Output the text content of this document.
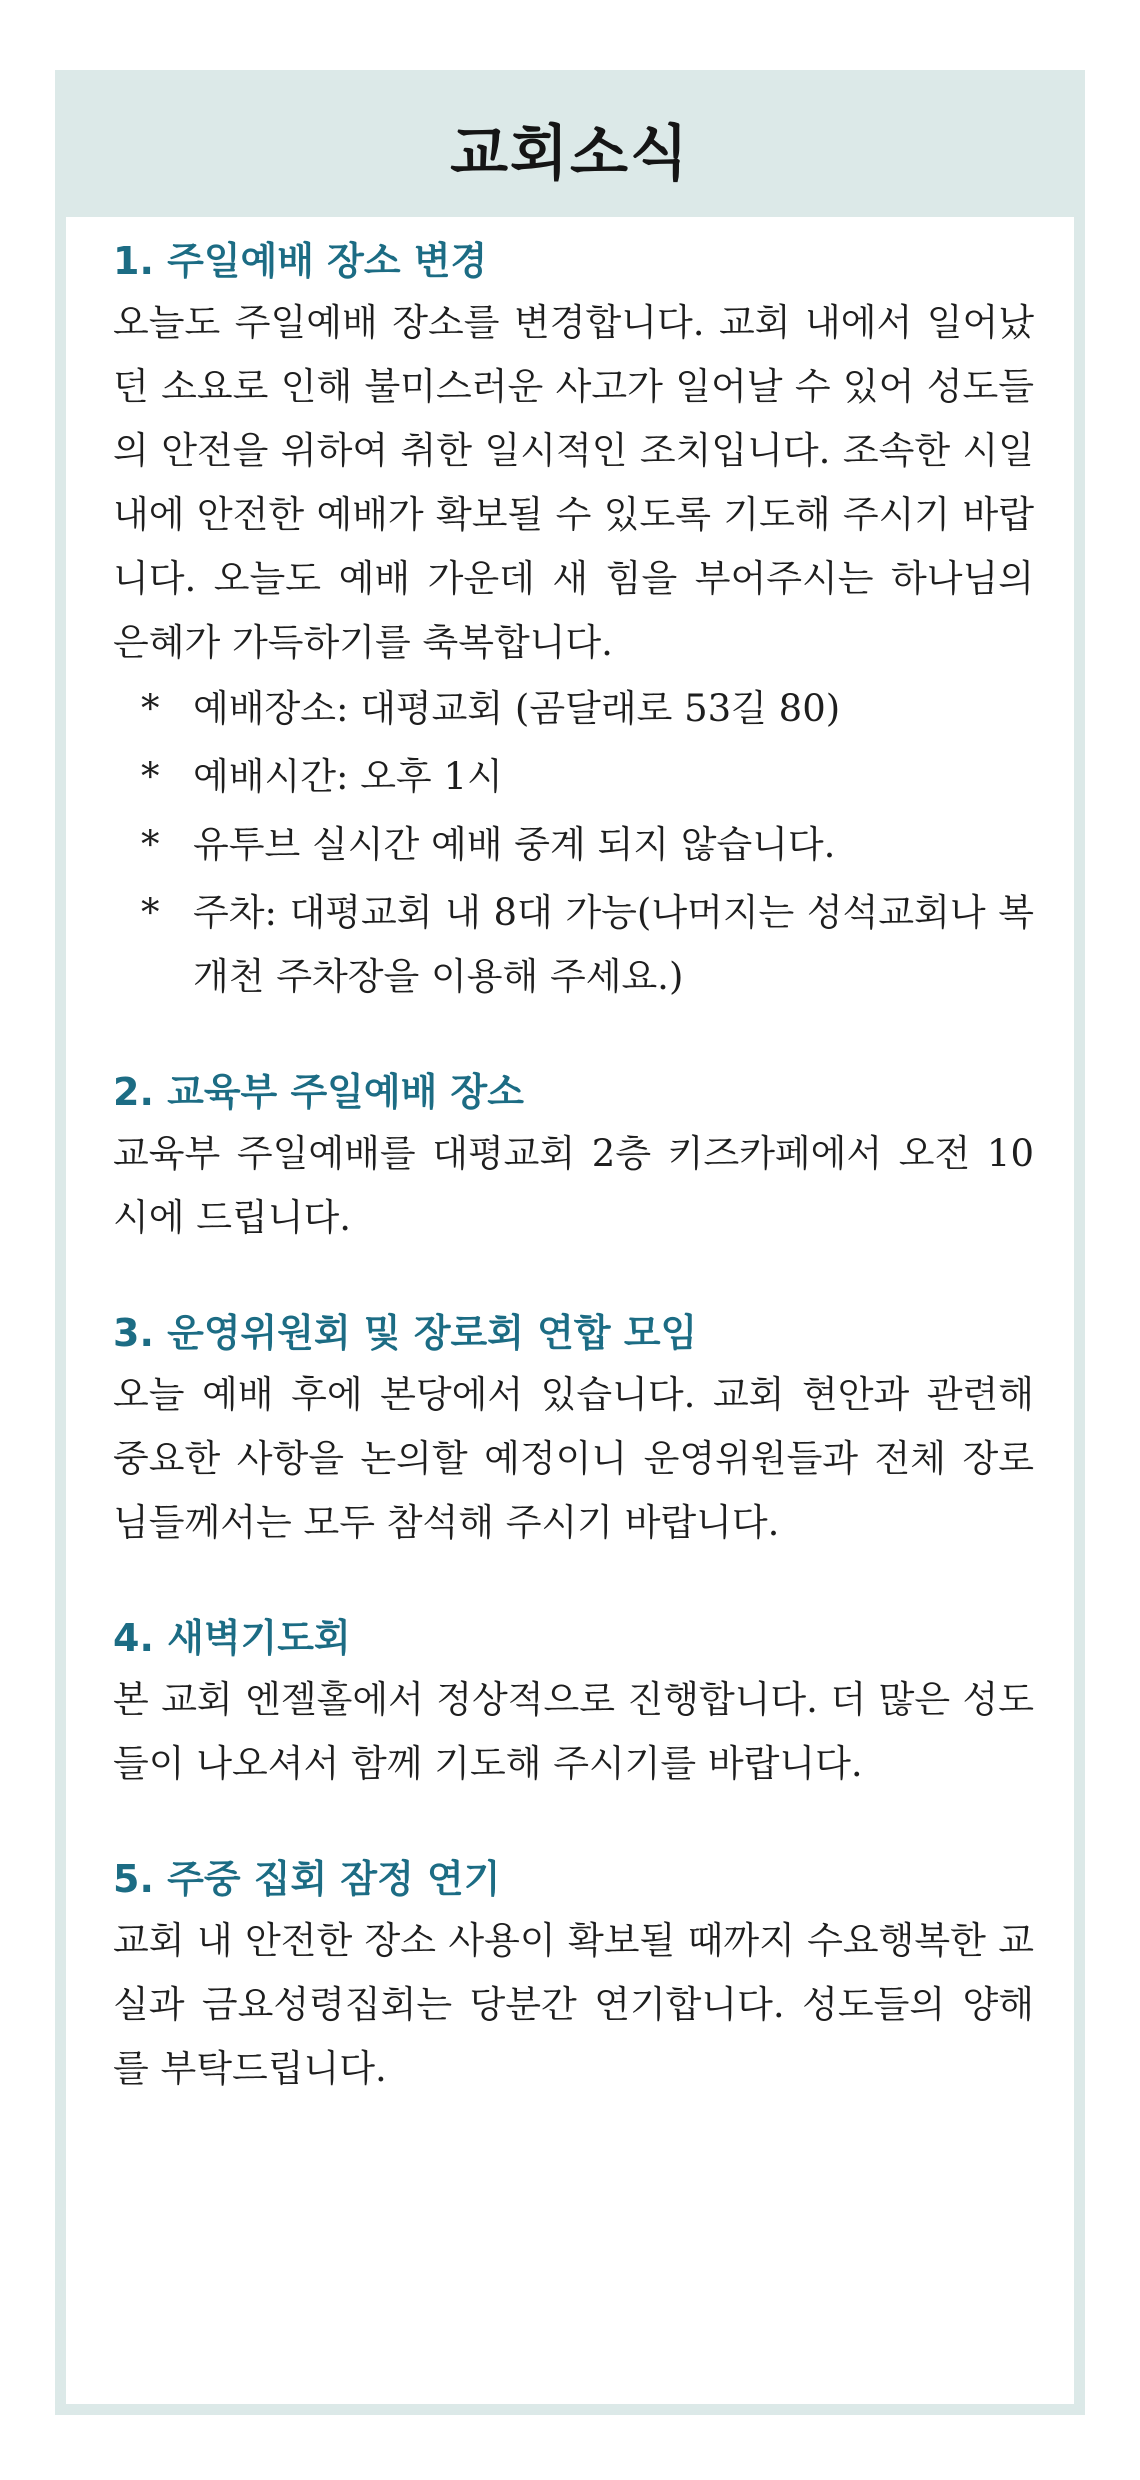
교회소식
1. 주일예배 장소 변경

오늘도 주일예배 장소를 변경합니다. 교회 내에서 일어났던 소요로 인해 불미스러운 사고가 일어날 수 있어 성도들의 안전을 위하여 취한 일시적인 조치입니다. 조속한 시일 내에 안전한 예배가 확보될 수 있도록 기도해 주시기 바랍니다. 오늘도 예배 가운데 새 힘을 부어주시는 하나님의 은혜가 가득하기를 축복합니다.

* 예배장소: 대평교회 (곰달래로 53길 80)
* 예배시간: 오후 1시
* 유투브 실시간 예배 중계 되지 않습니다.
* 주차: 대평교회 내 8대 가능(나머지는 성석교회나 복개천 주차장을 이용해 주세요.)
2. 교육부 주일예배 장소

교육부 주일예배를 대평교회 2층 키즈카페에서 오전 10시에 드립니다.

3. 운영위원회 및 장로회 연합 모임

오늘 예배 후에 본당에서 있습니다. 교회 현안과 관련해 중요한 사항을 논의할 예정이니 운영위원들과 전체 장로님들께서는 모두 참석해 주시기 바랍니다.

4. 새벽기도회

본 교회 엔젤홀에서 정상적으로 진행합니다. 더 많은 성도들이 나오셔서 함께 기도해 주시기를 바랍니다.

5. 주중 집회 잠정 연기

교회 내 안전한 장소 사용이 확보될 때까지 수요행복한 교실과 금요성령집회는 당분간 연기합니다. 성도들의 양해를 부탁드립니다.
